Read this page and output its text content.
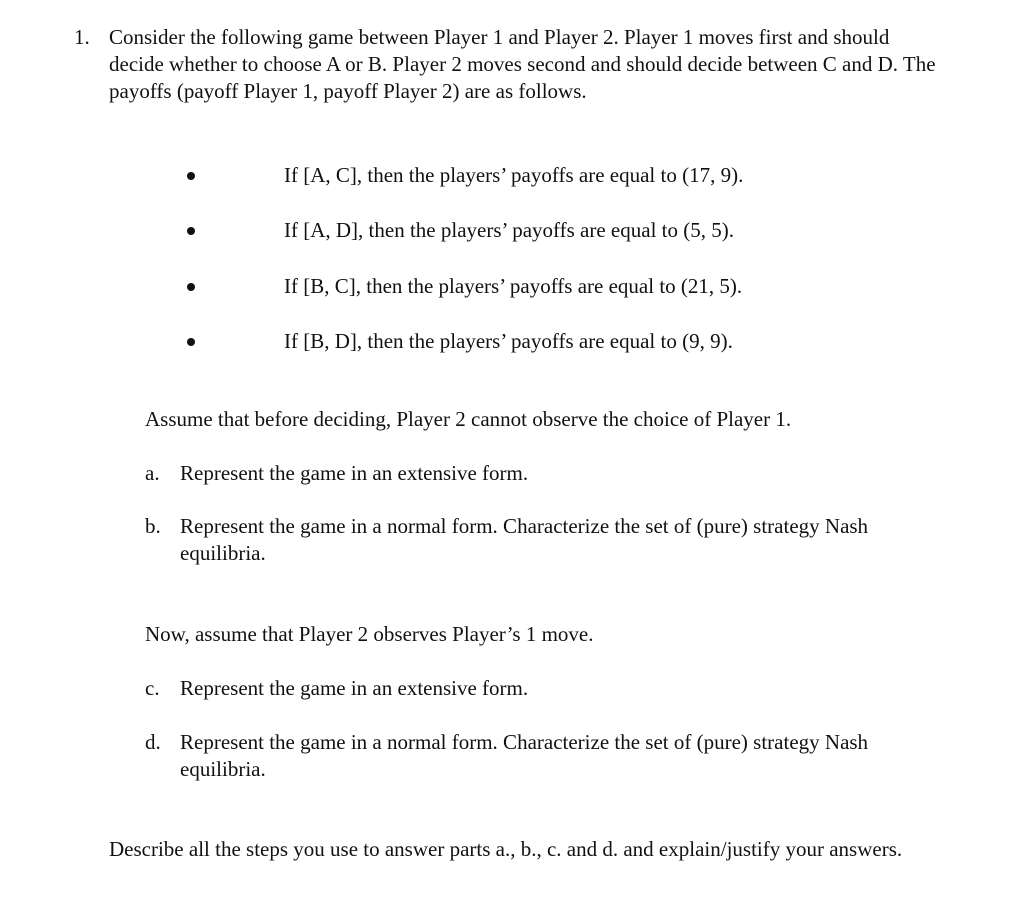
1. Consider the following game between Player 1 and Player 2. Player 1 moves first and should decide whether to choose A or B. Player 2 moves second and should decide between C and D. The payoffs (payoff Player 1, payoff Player 2) are as follows.
If [A, C], then the players’ payoffs are equal to (17, 9).
If [A, D], then the players’ payoffs are equal to (5, 5).
If [B, C], then the players’ payoffs are equal to (21, 5).
If [B, D], then the players’ payoffs are equal to (9, 9).
Assume that before deciding, Player 2 cannot observe the choice of Player 1.
a. Represent the game in an extensive form.
b. Represent the game in a normal form. Characterize the set of (pure) strategy Nash equilibria.
Now, assume that Player 2 observes Player’s 1 move.
c. Represent the game in an extensive form.
d. Represent the game in a normal form. Characterize the set of (pure) strategy Nash equilibria.
Describe all the steps you use to answer parts a., b., c. and d. and explain/justify your answers.
